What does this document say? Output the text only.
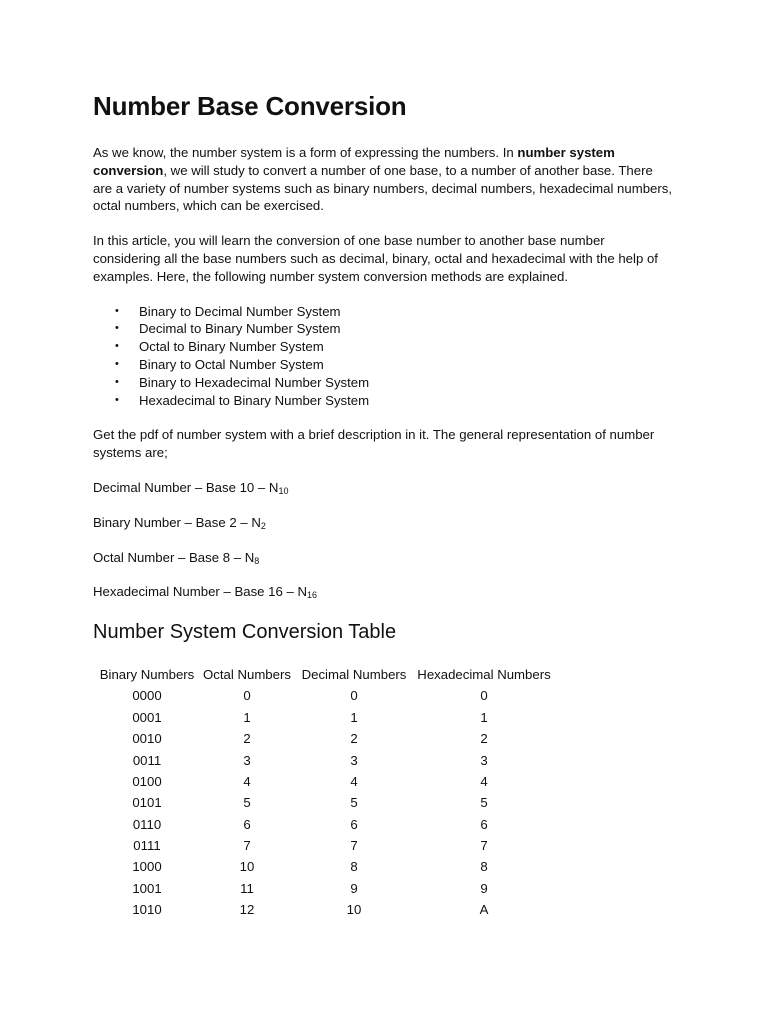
Number Base Conversion

As we know, the number system is a form of expressing the numbers. In number system conversion, we will study to convert a number of one base, to a number of another base. There are a variety of number systems such as binary numbers, decimal numbers, hexadecimal numbers, octal numbers, which can be exercised.

In this article, you will learn the conversion of one base number to another base number considering all the base numbers such as decimal, binary, octal and hexadecimal with the help of examples. Here, the following number system conversion methods are explained.

• Binary to Decimal Number System
• Decimal to Binary Number System
• Octal to Binary Number System
• Binary to Octal Number System
• Binary to Hexadecimal Number System
• Hexadecimal to Binary Number System

Get the pdf of number system with a brief description in it. The general representation of number systems are;

Decimal Number – Base $10 - N_{10}$

Binary Number – Base $2 - N_2$

Octal Number – Base $8 - N_8$

Hexadecimal Number – Base $16 - N_{16}$

Number System Conversion Table
Binary Numbers	Octal Numbers	Decimal Numbers	Hexadecimal Numbers
0000	0	0	0
0001	1	1	1
0010	2	2	2
0011	3	3	3
0100	4	4	4
0101	5	5	5
0110	6	6	6
0111	7	7	7
1000	10	8	8
1001	11	9	9
1010	12	10	A
